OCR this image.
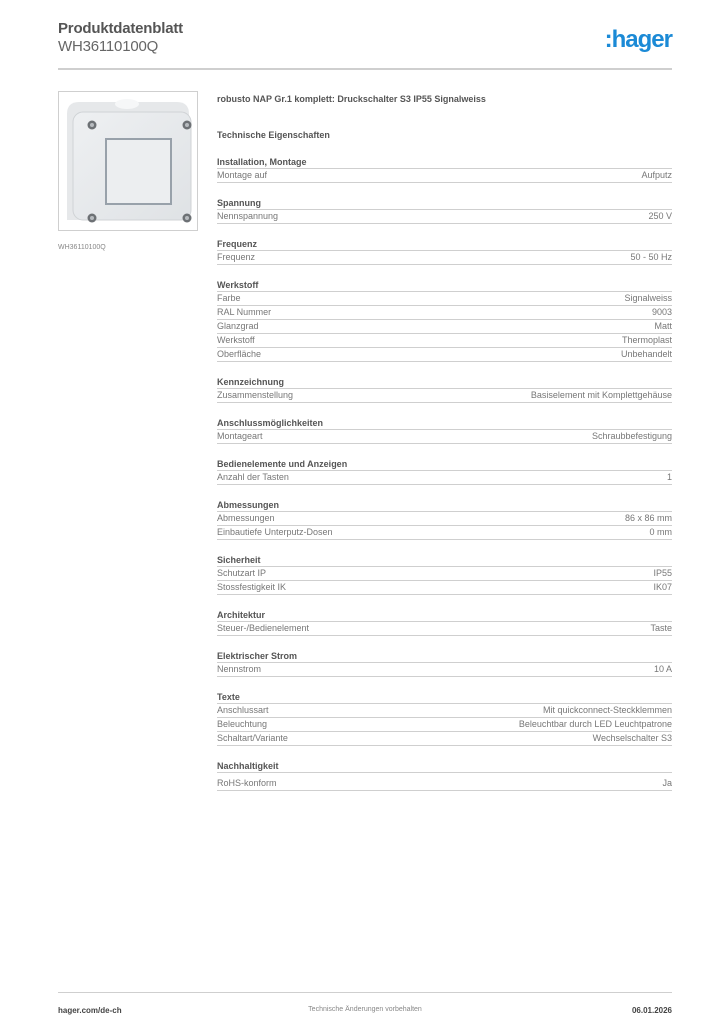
Produktdatenblatt
WH36110100Q	:hager
WH36110100Q
robusto NAP Gr.1 komplett: Druckschalter S3 IP55 Signalweiss
Technische Eigenschaften
Installation, Montage
Montage auf	Aufputz
Spannung
Nennspannung	250 V
Frequenz
Frequenz	50 - 50 Hz
Werkstoff
Farbe	Signalweiss
RAL Nummer	9003
Glanzgrad	Matt
Werkstoff	Thermoplast
Oberfläche	Unbehandelt
Kennzeichnung
Zusammenstellung	Basiselement mit Komplettgehäuse
Anschlussmöglichkeiten
Montageart	Schraubbefestigung
Bedienelemente und Anzeigen
Anzahl der Tasten	1
Abmessungen
Abmessungen	86 x 86 mm
Einbautiefe Unterputz-Dosen	0 mm
Sicherheit
Schutzart IP	IP55
Stossfestigkeit IK	IK07
Architektur
Steuer-/Bedienelement	Taste
Elektrischer Strom
Nennstrom	10 A
Texte
Anschlussart	Mit quickconnect-Steckklemmen
Beleuchtung	Beleuchtbar durch LED Leuchtpatrone
Schaltart/Variante	Wechselschalter S3
Nachhaltigkeit
RoHS-konform	Ja
hager.com/de-ch	Technische Änderungen vorbehalten	06.01.2026
